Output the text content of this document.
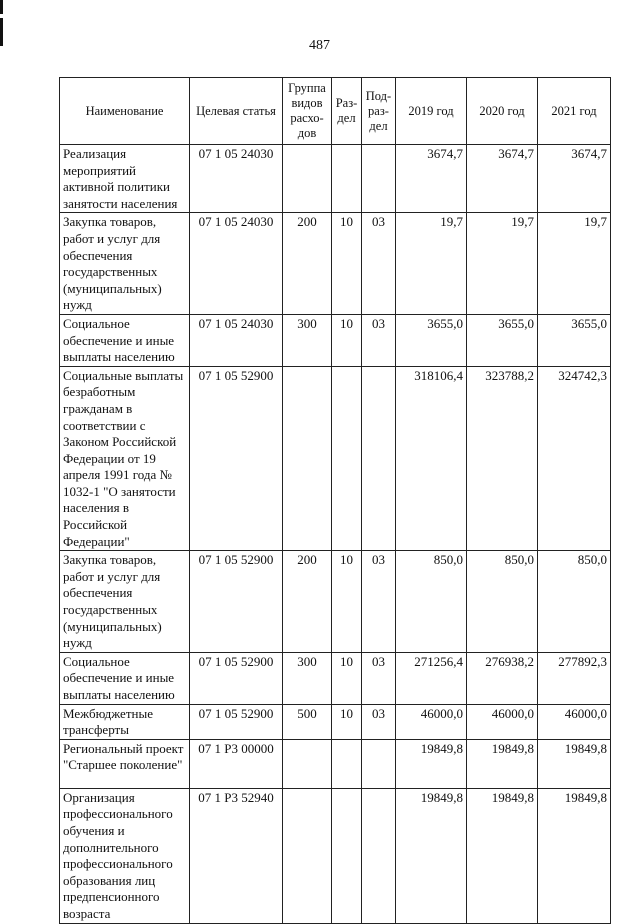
487
Наименование	Целевая статья	Группа видов расхо-дов	Раз-дел	Под-раз-дел	2019 год	2020 год	2021 год
Реализация мероприятий активной политики занятости населения	07 1 05 24030				3674,7	3674,7	3674,7
Закупка товаров, работ и услуг для обеспечения государственных (муниципальных) нужд	07 1 05 24030	200	10	03	19,7	19,7	19,7
Социальное обеспечение и иные выплаты населению	07 1 05 24030	300	10	03	3655,0	3655,0	3655,0
Социальные выплаты безработным гражданам в соответствии с Законом Российской Федерации от 19 апреля 1991 года № 1032-1 "О занятости населения в Российской Федерации"	07 1 05 52900				318106,4	323788,2	324742,3
Закупка товаров, работ и услуг для обеспечения государственных (муниципальных) нужд	07 1 05 52900	200	10	03	850,0	850,0	850,0
Социальное обеспечение и иные выплаты населению	07 1 05 52900	300	10	03	271256,4	276938,2	277892,3
Межбюджетные трансферты	07 1 05 52900	500	10	03	46000,0	46000,0	46000,0
Региональный проект "Старшее поколение"	07 1 P3 00000				19849,8	19849,8	19849,8
Организация профессионального обучения и дополнительного профессионального образования лиц предпенсионного возраста	07 1 P3 52940				19849,8	19849,8	19849,8
